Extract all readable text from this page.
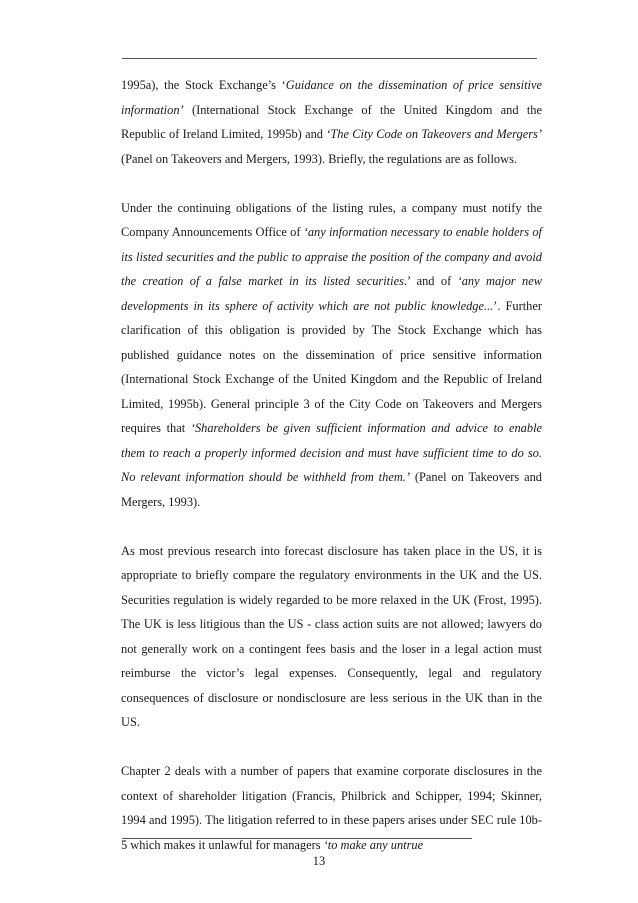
1995a), the Stock Exchange’s ‘Guidance on the dissemination of price sensitive information’ (International Stock Exchange of the United Kingdom and the Republic of Ireland Limited, 1995b) and ‘The City Code on Takeovers and Mergers’ (Panel on Takeovers and Mergers, 1993). Briefly, the regulations are as follows.

Under the continuing obligations of the listing rules, a company must notify the Company Announcements Office of ‘any information necessary to enable holders of its listed securities and the public to appraise the position of the company and avoid the creation of a false market in its listed securities.’ and of ‘any major new developments in its sphere of activity which are not public knowledge...’. Further clarification of this obligation is provided by The Stock Exchange which has published guidance notes on the dissemination of price sensitive information (International Stock Exchange of the United Kingdom and the Republic of Ireland Limited, 1995b). General principle 3 of the City Code on Takeovers and Mergers requires that ‘Shareholders be given sufficient information and advice to enable them to reach a properly informed decision and must have sufficient time to do so. No relevant information should be withheld from them.’ (Panel on Takeovers and Mergers, 1993).

As most previous research into forecast disclosure has taken place in the US, it is appropriate to briefly compare the regulatory environments in the UK and the US. Securities regulation is widely regarded to be more relaxed in the UK (Frost, 1995). The UK is less litigious than the US - class action suits are not allowed; lawyers do not generally work on a contingent fees basis and the loser in a legal action must reimburse the victor’s legal expenses. Consequently, legal and regulatory consequences of disclosure or nondisclosure are less serious in the UK than in the US.

Chapter 2 deals with a number of papers that examine corporate disclosures in the context of shareholder litigation (Francis, Philbrick and Schipper, 1994; Skinner, 1994 and 1995). The litigation referred to in these papers arises under SEC rule 10b-5 which makes it unlawful for managers ‘to make any untrue

13
